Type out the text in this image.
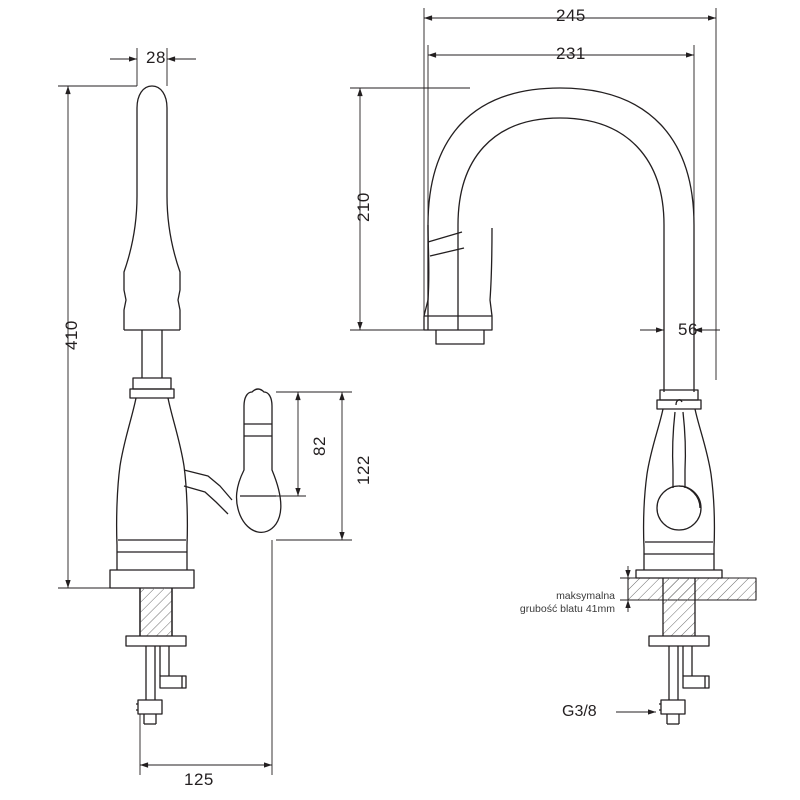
28
410
125
82
122
245
231
210
56
maksymalna
grubość blatu 41mm
G3/8
